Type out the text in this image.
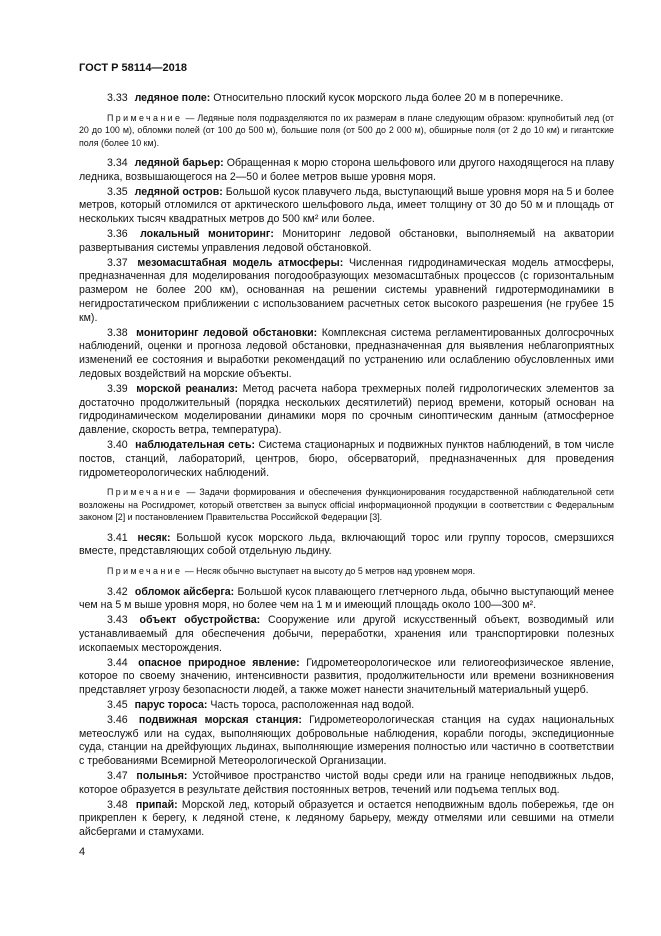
ГОСТ Р 58114—2018

3.33 ледяное поле: Относительно плоский кусок морского льда более 20 м в поперечнике.

Примечание — Ледяные поля подразделяются по их размерам в плане следующим образом: крупнобитый лед (от 20 до 100 м), обломки полей (от 100 до 500 м), большие поля (от 500 до 2 000 м), обширные поля (от 2 до 10 км) и гигантские поля (более 10 км).

3.34 ледяной барьер: Обращенная к морю сторона шельфового или другого находящегося на плаву ледника, возвышающегося на 2—50 и более метров выше уровня моря.

3.35 ледяной остров: Большой кусок плавучего льда, выступающий выше уровня моря на 5 и более метров, который отломился от арктического шельфового льда, имеет толщину от 30 до 50 м и площадь от нескольких тысяч квадратных метров до 500 км² или более.

3.36 локальный мониторинг: Мониторинг ледовой обстановки, выполняемый на акватории развертывания системы управления ледовой обстановкой.

3.37 мезомасштабная модель атмосферы: Численная гидродинамическая модель атмосферы, предназначенная для моделирования погодообразующих мезомасштабных процессов (с горизонтальным размером не более 200 км), основанная на решении системы уравнений гидротермодинамики в негидростатическом приближении с использованием расчетных сеток высокого разрешения (не грубее 15 км).

3.38 мониторинг ледовой обстановки: Комплексная система регламентированных долгосрочных наблюдений, оценки и прогноза ледовой обстановки, предназначенная для выявления неблагоприятных изменений ее состояния и выработки рекомендаций по устранению или ослаблению обусловленных ими ледовых воздействий на морские объекты.

3.39 морской реанализ: Метод расчета набора трехмерных полей гидрологических элементов за достаточно продолжительный (порядка нескольких десятилетий) период времени, который основан на гидродинамическом моделировании динамики моря по срочным синоптическим данным (атмосферное давление, скорость ветра, температура).

3.40 наблюдательная сеть: Система стационарных и подвижных пунктов наблюдений, в том числе постов, станций, лабораторий, центров, бюро, обсерваторий, предназначенных для проведения гидрометеорологических наблюдений.

Примечание — Задачи формирования и обеспечения функционирования государственной наблюдательной сети возложены на Росгидромет, который ответствен за выпуск official информационной продукции в соответствии с Федеральным законом [2] и постановлением Правительства Российской Федерации [3].

3.41 несяк: Большой кусок морского льда, включающий торос или группу торосов, смерзшихся вместе, представляющих собой отдельную льдину.

Примечание — Несяк обычно выступает на высоту до 5 метров над уровнем моря.

3.42 обломок айсберга: Большой кусок плавающего глетчерного льда, обычно выступающий менее чем на 5 м выше уровня моря, но более чем на 1 м и имеющий площадь около 100—300 м².

3.43 объект обустройства: Сооружение или другой искусственный объект, возводимый или устанавливаемый для обеспечения добычи, переработки, хранения или транспортировки полезных ископаемых месторождения.

3.44 опасное природное явление: Гидрометеорологическое или гелиогеофизическое явление, которое по своему значению, интенсивности развития, продолжительности или времени возникновения представляет угрозу безопасности людей, а также может нанести значительный материальный ущерб.

3.45 парус тороса: Часть тороса, расположенная над водой.

3.46 подвижная морская станция: Гидрометеорологическая станция на судах национальных метеослужб или на судах, выполняющих добровольные наблюдения, корабли погоды, экспедиционные суда, станции на дрейфующих льдинах, выполняющие измерения полностью или частично в соответствии с требованиями Всемирной Метеорологической Организации.

3.47 полынья: Устойчивое пространство чистой воды среди или на границе неподвижных льдов, которое образуется в результате действия постоянных ветров, течений или подъема теплых вод.

3.48 припай: Морской лед, который образуется и остается неподвижным вдоль побережья, где он прикреплен к берегу, к ледяной стене, к ледяному барьеру, между отмелями или севшими на отмели айсбергами и стамухами.

4
